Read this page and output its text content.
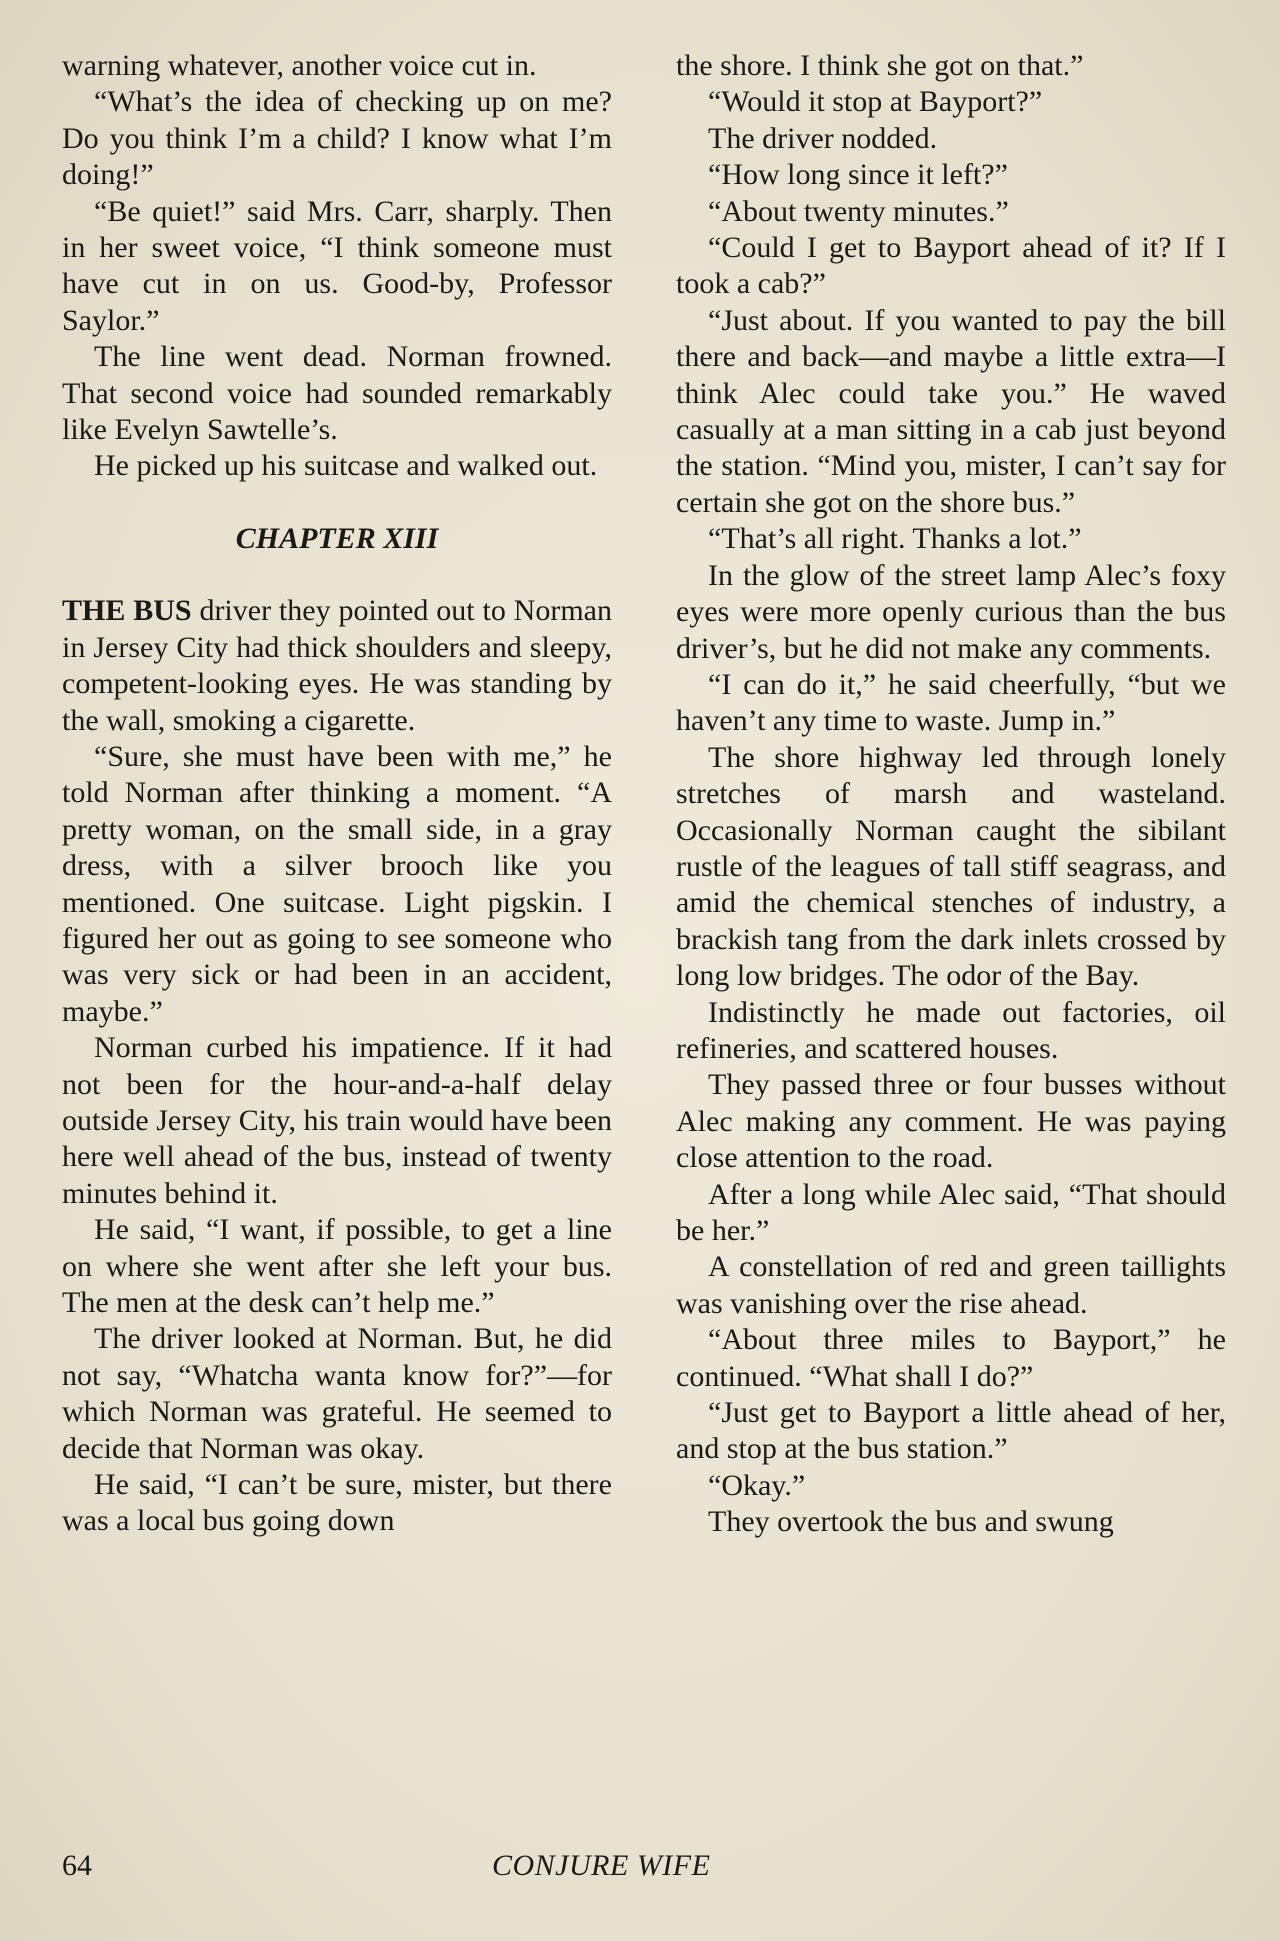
warning whatever, another voice cut in.

“What’s the idea of checking up on me? Do you think I’m a child? I know what I’m doing!”

“Be quiet!” said Mrs. Carr, sharply. Then in her sweet voice, “I think someone must have cut in on us. Good-by, Professor Saylor.”

The line went dead. Norman frowned. That second voice had sounded remarkably like Evelyn Sawtelle’s.

He picked up his suitcase and walked out.

CHAPTER XIII

THE BUS driver they pointed out to Norman in Jersey City had thick shoulders and sleepy, competent-looking eyes. He was standing by the wall, smoking a cigarette.

“Sure, she must have been with me,” he told Norman after thinking a moment. “A pretty woman, on the small side, in a gray dress, with a silver brooch like you mentioned. One suitcase. Light pigskin. I figured her out as going to see someone who was very sick or had been in an accident, maybe.”

Norman curbed his impatience. If it had not been for the hour-and-a-half delay outside Jersey City, his train would have been here well ahead of the bus, instead of twenty minutes behind it.

He said, “I want, if possible, to get a line on where she went after she left your bus. The men at the desk can’t help me.”

The driver looked at Norman. But, he did not say, “Whatcha wanta know for?”—for which Norman was grateful. He seemed to decide that Norman was okay.

He said, “I can’t be sure, mister, but there was a local bus going down

the shore. I think she got on that.”

“Would it stop at Bayport?”

The driver nodded.

“How long since it left?”

“About twenty minutes.”

“Could I get to Bayport ahead of it? If I took a cab?”

“Just about. If you wanted to pay the bill there and back—and maybe a little extra—I think Alec could take you.” He waved casually at a man sitting in a cab just beyond the station. “Mind you, mister, I can’t say for certain she got on the shore bus.”

“That’s all right. Thanks a lot.”

In the glow of the street lamp Alec’s foxy eyes were more openly curious than the bus driver’s, but he did not make any comments.

“I can do it,” he said cheerfully, “but we haven’t any time to waste. Jump in.”

The shore highway led through lonely stretches of marsh and wasteland. Occasionally Norman caught the sibilant rustle of the leagues of tall stiff seagrass, and amid the chemical stenches of industry, a brackish tang from the dark inlets crossed by long low bridges. The odor of the Bay.

Indistinctly he made out factories, oil refineries, and scattered houses.

They passed three or four busses without Alec making any comment. He was paying close attention to the road.

After a long while Alec said, “That should be her.”

A constellation of red and green taillights was vanishing over the rise ahead.

“About three miles to Bayport,” he continued. “What shall I do?”

“Just get to Bayport a little ahead of her, and stop at the bus station.”

“Okay.”

They overtook the bus and swung

64	CONJURE WIFE
